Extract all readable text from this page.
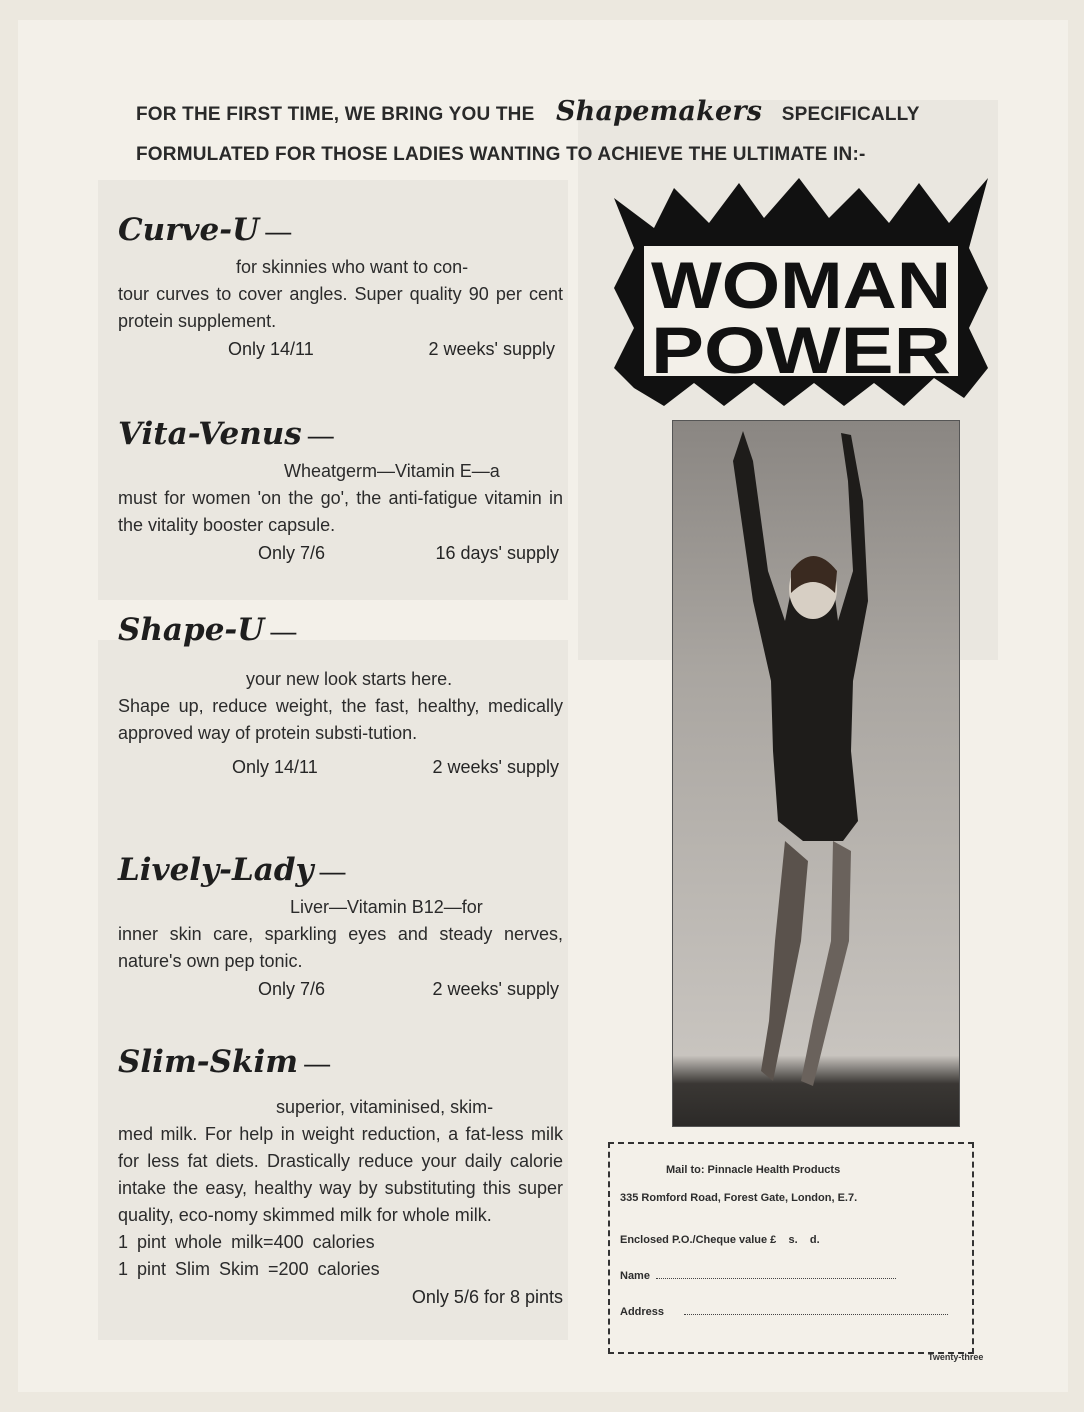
FOR THE FIRST TIME, WE BRING YOU THE Shapemakers SPECIFICALLY
FORMULATED FOR THOSE LADIES WANTING TO ACHIEVE THE ULTIMATE IN:-
Curve-U —
for skinnies who want to con-
tour curves to cover angles. Super quality 90 per cent protein supplement.
Only 14/11	2 weeks' supply
Vita-Venus —
Wheatgerm—Vitamin E—a
must for women 'on the go', the anti-fatigue vitamin in the vitality booster capsule.
Only 7/6	16 days' supply
Shape-U —
your new look starts here.
Shape up, reduce weight, the fast, healthy, medically approved way of protein substi-tution.
Only 14/11	2 weeks' supply
Lively-Lady —
Liver—Vitamin B12—for
inner skin care, sparkling eyes and steady nerves, nature's own pep tonic.
Only 7/6	2 weeks' supply
Slim-Skim —
superior, vitaminised, skim-
med milk. For help in weight reduction, a fat-less milk for less fat diets. Drastically reduce your daily calorie intake the easy, healthy way by substituting this super quality, eco-nomy skimmed milk for whole milk.
1 pint whole milk=400 calories
1 pint Slim Skim =200 calories
Only 5/6 for 8 pints
WOMAN
POWER
Mail to: Pinnacle Health Products
335 Romford Road, Forest Gate, London, E.7.
Enclosed P.O./Cheque value £    s.    d.
Name
Address
Twenty-three
